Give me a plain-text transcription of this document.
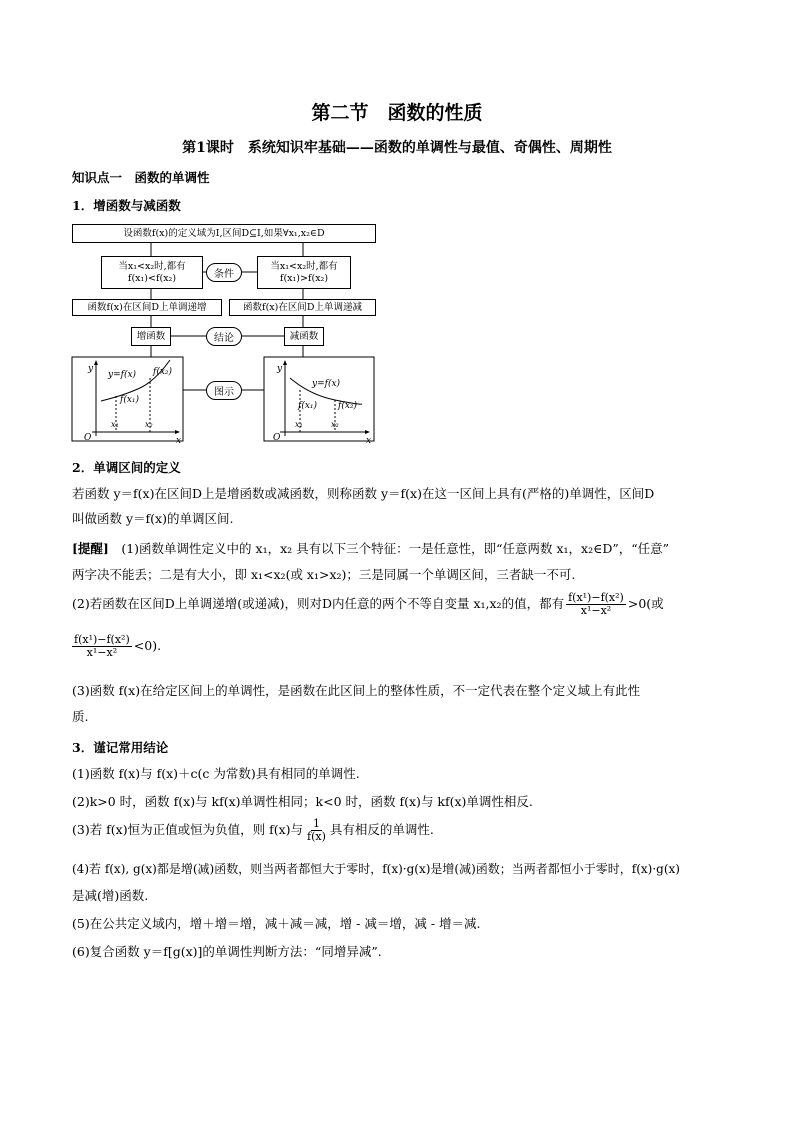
第二节　函数的性质
第1课时　系统知识牢基础——函数的单调性与最值、奇偶性、周期性
知识点一　函数的单调性
1．增函数与减函数
y
O	x
y=f(x)
f(x₁)
f(x₂)
x₁	x₂
y
O	x
y=f(x)
f(x₁) f(x₂)
x₁	x₂
设函数f(x)的定义域为I,区间D⊆I,如果∀x₁,x₂∈D
当x₁<x₂时,都有
f(x₁)<f(x₂)	条件
当x₁<x₂时,都有
f(x₁)>f(x₂)
函数f(x)在区间D上单调递增	函数f(x)在区间D上单调递减
增函数	结论	减函数
图示
2．单调区间的定义
若函数 y＝f(x)在区间D上是增函数或减函数，则称函数 y＝f(x)在这一区间上具有(严格的)单调性，区间D
叫做函数 y＝f(x)的单调区间.
[提醒]　(1)函数单调性定义中的 x₁，x₂ 具有以下三个特征：一是任意性，即“任意两数 x₁，x₂∈D”，“任意”
两字决不能丢；二是有大小，即 x₁<x₂(或 x₁>x₂)；三是同属一个单调区间，三者缺一不可.
(2)若函数在区间D上单调递增(或递减)，则对D内任意的两个不等自变量 x₁,x₂的值，都有 $\frac{\text{f(x¹)−f(x²)}}{\text{x¹−x²}} >0$(或
$\frac{\text{f(x¹)−f(x²)}}{\text{x¹−x²}} <0$).
(3)函数 f(x)在给定区间上的单调性，是函数在此区间上的整体性质，不一定代表在整个定义域上有此性
质.
3．谨记常用结论
(1)函数 f(x)与 f(x)＋c(c 为常数)具有相同的单调性.
(2)k>0 时，函数 f(x)与 kf(x)单调性相同；k<0 时，函数 f(x)与 kf(x)单调性相反.
(3)若 f(x)恒为正值或恒为负值，则 f(x)与 $\frac{1}{f(x)}$ 具有相反的单调性.
(4)若 f(x), g(x)都是增(减)函数，则当两者都恒大于零时，f(x)·g(x)是增(减)函数；当两者都恒小于零时，f(x)·g(x)
是减(增)函数.
(5)在公共定义域内，增＋增＝增，减＋减＝减，增 - 减＝增，减 - 增＝减.
(6)复合函数 y＝f[g(x)]的单调性判断方法：“同增异减”.
